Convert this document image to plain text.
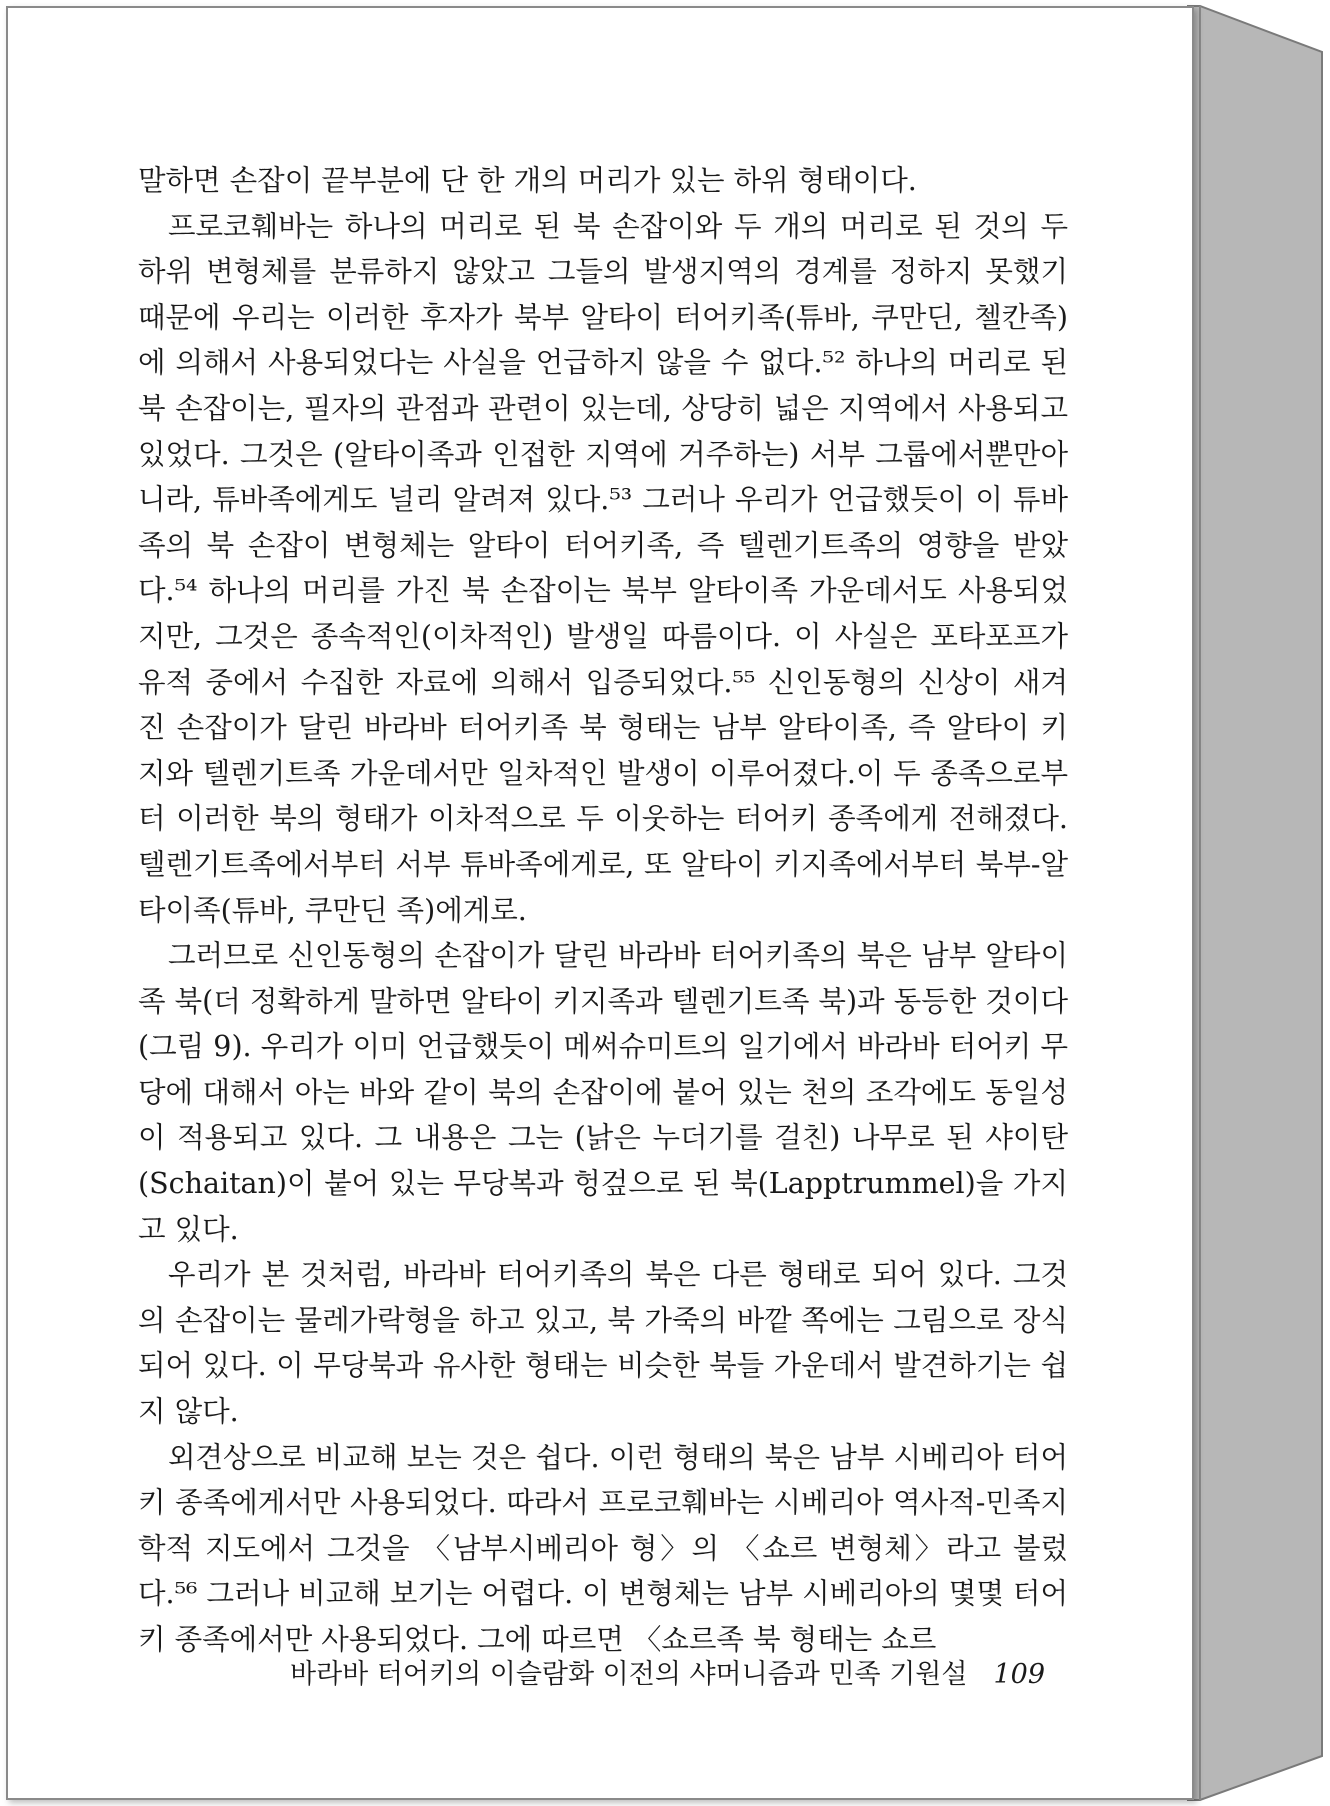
말하면 손잡이 끝부분에 단 한 개의 머리가 있는 하위 형태이다.

프로코훼바는 하나의 머리로 된 북 손잡이와 두 개의 머리로 된 것의 두 하위 변형체를 분류하지 않았고 그들의 발생지역의 경계를 정하지 못했기 때문에 우리는 이러한 후자가 북부 알타이 터어키족(튜바, 쿠만딘, 첼칸족)에 의해서 사용되었다는 사실을 언급하지 않을 수 없다.⁵² 하나의 머리로 된 북 손잡이는, 필자의 관점과 관련이 있는데, 상당히 넓은 지역에서 사용되고 있었다. 그것은 (알타이족과 인접한 지역에 거주하는) 서부 그룹에서뿐만아니라, 튜바족에게도 널리 알려져 있다.⁵³ 그러나 우리가 언급했듯이 이 튜바족의 북 손잡이 변형체는 알타이 터어키족, 즉 텔렌기트족의 영향을 받았다.⁵⁴ 하나의 머리를 가진 북 손잡이는 북부 알타이족 가운데서도 사용되었지만, 그것은 종속적인(이차적인) 발생일 따름이다. 이 사실은 포타포프가 유적 중에서 수집한 자료에 의해서 입증되었다.⁵⁵ 신인동형의 신상이 새겨진 손잡이가 달린 바라바 터어키족 북 형태는 남부 알타이족, 즉 알타이 키지와 텔렌기트족 가운데서만 일차적인 발생이 이루어졌다.이 두 종족으로부터 이러한 북의 형태가 이차적으로 두 이웃하는 터어키 종족에게 전해졌다. 텔렌기트족에서부터 서부 튜바족에게로, 또 알타이 키지족에서부터 북부-알타이족(튜바, 쿠만딘 족)에게로.

그러므로 신인동형의 손잡이가 달린 바라바 터어키족의 북은 남부 알타이족 북(더 정확하게 말하면 알타이 키지족과 텔렌기트족 북)과 동등한 것이다(그림 9). 우리가 이미 언급했듯이 메써슈미트의 일기에서 바라바 터어키 무당에 대해서 아는 바와 같이 북의 손잡이에 붙어 있는 천의 조각에도 동일성이 적용되고 있다. 그 내용은 그는 (낡은 누더기를 걸친) 나무로 된 샤이탄(Schaitan)이 붙어 있는 무당복과 헝겊으로 된 북(Lapptrummel)을 가지고 있다.

우리가 본 것처럼, 바라바 터어키족의 북은 다른 형태로 되어 있다. 그것의 손잡이는 물레가락형을 하고 있고, 북 가죽의 바깥 쪽에는 그림으로 장식되어 있다. 이 무당북과 유사한 형태는 비슷한 북들 가운데서 발견하기는 쉽지 않다.

외견상으로 비교해 보는 것은 쉽다. 이런 형태의 북은 남부 시베리아 터어키 종족에게서만 사용되었다. 따라서 프로코훼바는 시베리아 역사적-민족지학적 지도에서 그것을 〈남부시베리아 형〉의 〈쇼르 변형체〉라고 불렀다.⁵⁶ 그러나 비교해 보기는 어렵다. 이 변형체는 남부 시베리아의 몇몇 터어키 종족에서만 사용되었다. 그에 따르면 〈쇼르족 북 형태는 쇼르

바라바 터어키의 이슬람화 이전의 샤머니즘과 민족 기원설 109
